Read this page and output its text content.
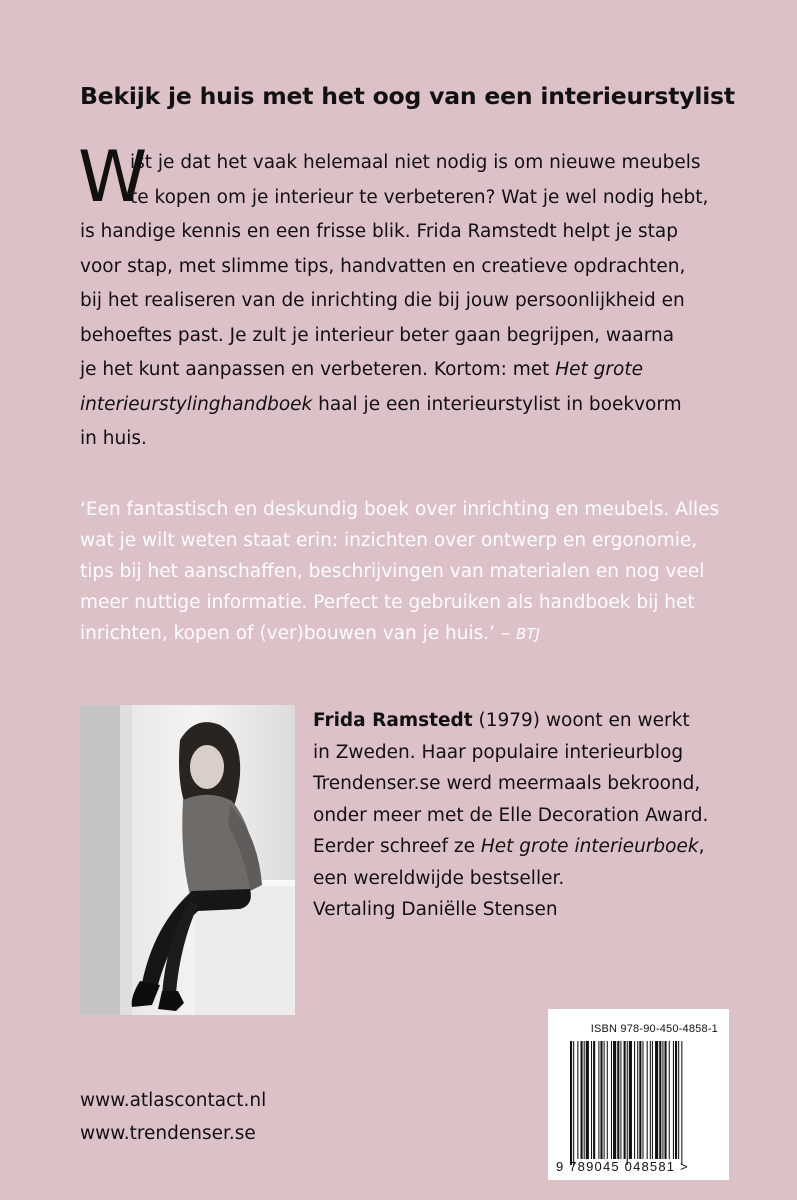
Bekijk je huis met het oog van een interieurstylist
W
ist je dat het vaak helemaal niet nodig is om nieuwe meubels
te kopen om je interieur te verbeteren? Wat je wel nodig hebt,
is handige kennis en een frisse blik. Frida Ramstedt helpt je stap
voor stap, met slimme tips, handvatten en creatieve opdrachten,
bij het realiseren van de inrichting die bij jouw persoonlijkheid en
behoeftes past. Je zult je interieur beter gaan begrijpen, waarna
je het kunt aanpassen en verbeteren. Kortom: met Het grote
interieurstylinghandboek haal je een interieurstylist in boekvorm
in huis.
‘Een fantastisch en deskundig boek over inrichting en meubels. Alles
wat je wilt weten staat erin: inzichten over ontwerp en ergonomie,
tips bij het aanschaffen, beschrijvingen van materialen en nog veel
meer nuttige informatie. Perfect te gebruiken als handboek bij het
inrichten, kopen of (ver)bouwen van je huis.’ – BTJ
Frida Ramstedt (1979) woont en werkt
in Zweden. Haar populaire interieurblog
Trendenser.se werd meermaals bekroond,
onder meer met de Elle Decoration Award.
Eerder schreef ze Het grote interieurboek,
een wereldwijde bestseller.
Vertaling Daniëlle Stensen
www.atlascontact.nl
www.trendenser.se
ISBN 978-90-450-4858-1
9 789045 048581 >
